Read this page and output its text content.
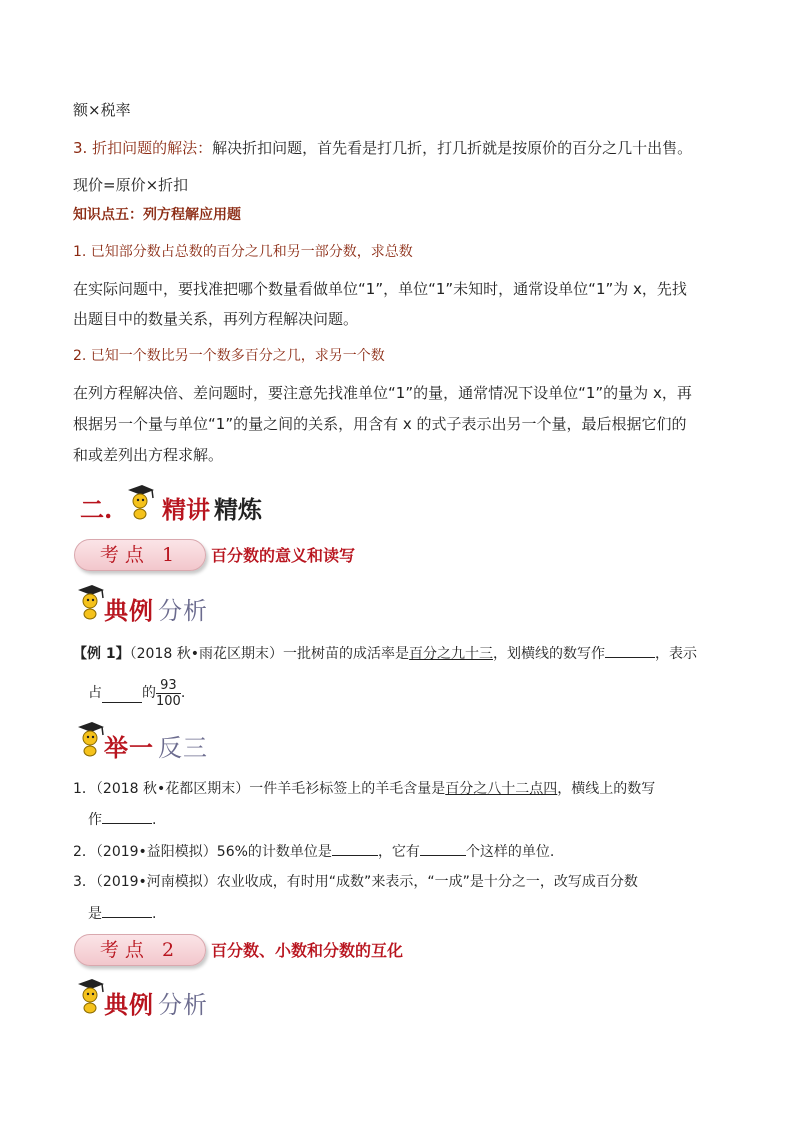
额×税率
3. 折扣问题的解法：解决折扣问题，首先看是打几折，打几折就是按原价的百分之几十出售。
现价=原价×折扣
知识点五：列方程解应用题
1. 已知部分数占总数的百分之几和另一部分数，求总数
在实际问题中，要找准把哪个数量看做单位“1”，单位“1”未知时，通常设单位“1”为 x，先找
出题目中的数量关系，再列方程解决问题。
2. 已知一个数比另一个数多百分之几，求另一个数
在列方程解决倍、差问题时，要注意先找准单位“1”的量，通常情况下设单位“1”的量为 x，再
根据另一个量与单位“1”的量之间的关系，用含有 x 的式子表示出另一个量，最后根据它们的
和或差列出方程求解。
二. 精讲 精炼
考点 1	百分数的意义和读写
典例 分析
【例 1】（2018 秋•雨花区期末）一批树苗的成活率是百分之九十三，划横线的数写作	，表示
占	的 $\frac{93}{100}$ .
举一 反三
1．（2018 秋•花都区期末）一件羊毛衫标签上的羊毛含量是百分之八十二点四，横线上的数写
作	.
2．（2019•益阳模拟）56%的计数单位是	，它有	个这样的单位.
3．（2019•河南模拟）农业收成，有时用“成数”来表示，“一成”是十分之一，改写成百分数
是	.
考点 2	百分数、小数和分数的互化
典例 分析
